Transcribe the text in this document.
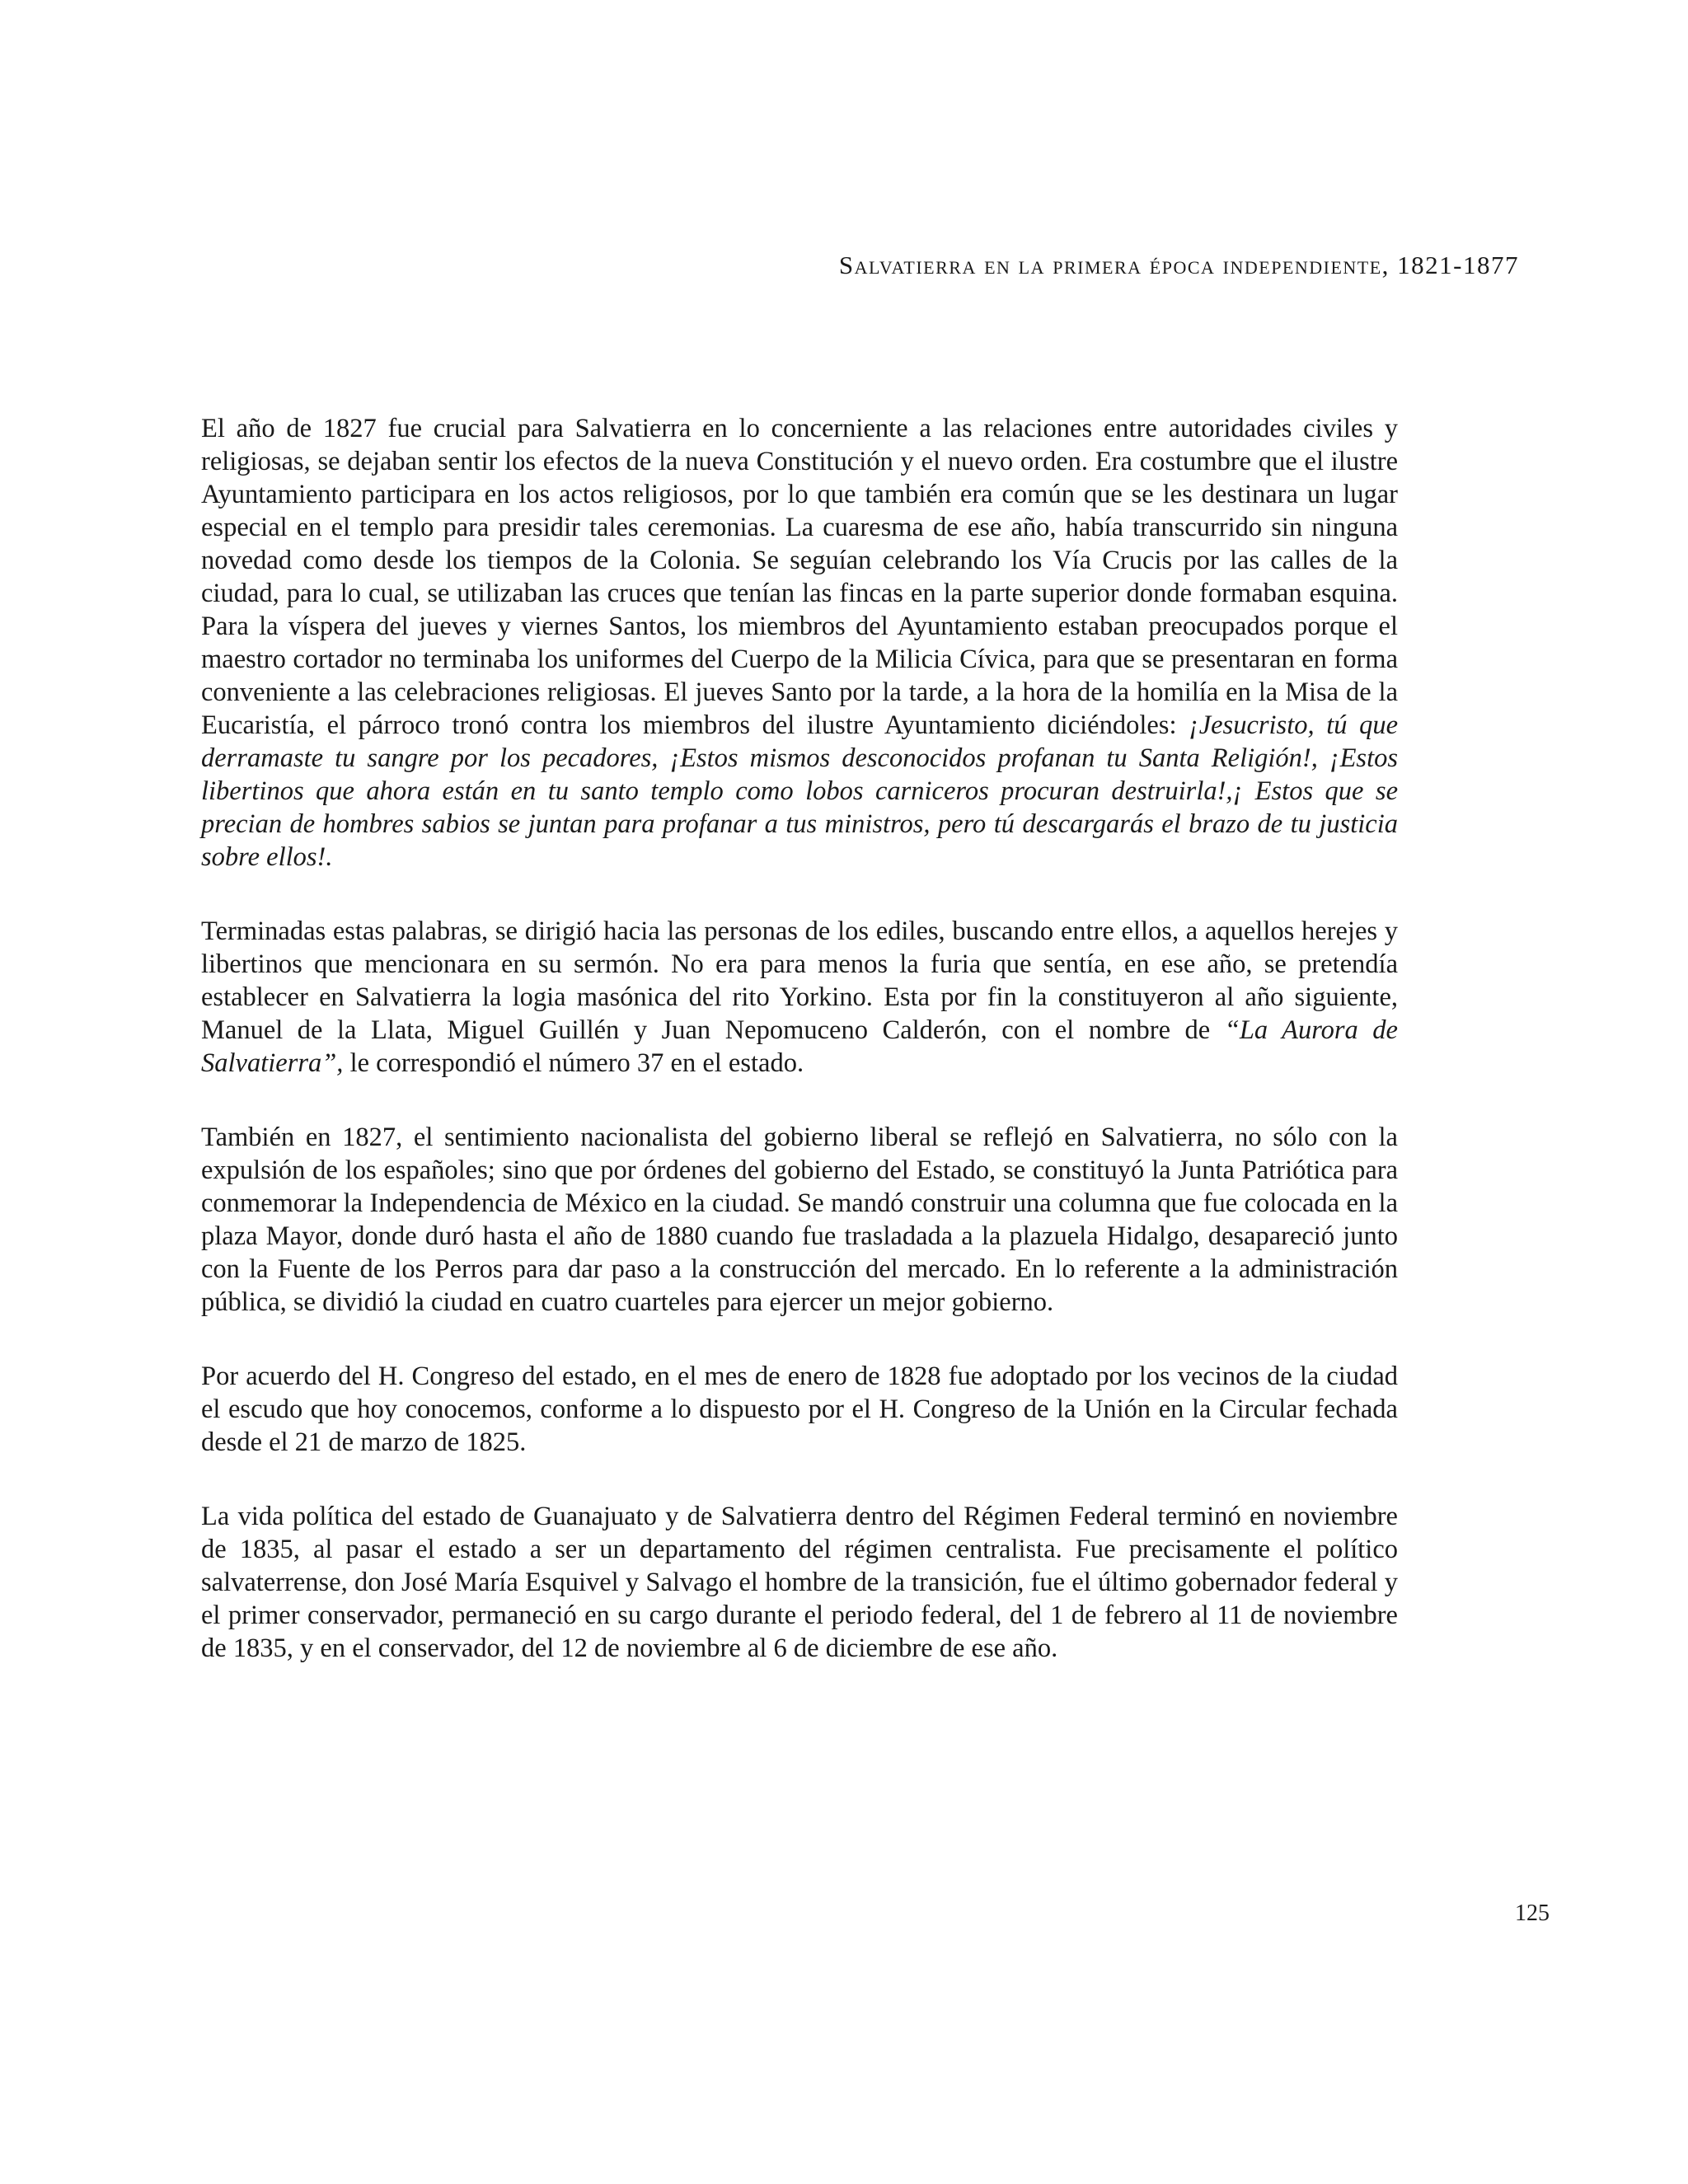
Salvatierra en la primera época independiente, 1821-1877

El año de 1827 fue crucial para Salvatierra en lo concerniente a las relaciones entre autoridades civiles y religiosas, se dejaban sentir los efectos de la nueva Constitución y el nuevo orden. Era costumbre que el ilustre Ayuntamiento participara en los actos religiosos, por lo que también era común que se les destinara un lugar especial en el templo para presidir tales ceremonias. La cuaresma de ese año, había transcurrido sin ninguna novedad como desde los tiempos de la Colonia. Se seguían celebrando los Vía Crucis por las calles de la ciudad, para lo cual, se utilizaban las cruces que tenían las fincas en la parte superior donde formaban esquina. Para la víspera del jueves y viernes Santos, los miembros del Ayuntamiento estaban preocupados porque el maestro cortador no terminaba los uniformes del Cuerpo de la Milicia Cívica, para que se presentaran en forma conveniente a las celebraciones religiosas. El jueves Santo por la tarde, a la hora de la homilía en la Misa de la Eucaristía, el párroco tronó contra los miembros del ilustre Ayuntamiento diciéndoles: ¡Jesucristo, tú que derramaste tu sangre por los pecadores, ¡Estos mismos desconocidos profanan tu Santa Religión!, ¡Estos libertinos que ahora están en tu santo templo como lobos carniceros procuran destruirla!,¡ Estos que se precian de hombres sabios se juntan para profanar a tus ministros, pero tú descargarás el brazo de tu justicia sobre ellos!.

Terminadas estas palabras, se dirigió hacia las personas de los ediles, buscando entre ellos, a aquellos herejes y libertinos que mencionara en su sermón. No era para menos la furia que sentía, en ese año, se pretendía establecer en Salvatierra la logia masónica del rito Yorkino. Esta por fin la constituyeron al año siguiente, Manuel de la Llata, Miguel Guillén y Juan Nepomuceno Calderón, con el nombre de “La Aurora de Salvatierra”, le correspondió el número 37 en el estado.

También en 1827, el sentimiento nacionalista del gobierno liberal se reflejó en Salvatierra, no sólo con la expulsión de los españoles; sino que por órdenes del gobierno del Estado, se constituyó la Junta Patriótica para conmemorar la Independencia de México en la ciudad. Se mandó construir una columna que fue colocada en la plaza Mayor, donde duró hasta el año de 1880 cuando fue trasladada a la plazuela Hidalgo, desapareció junto con la Fuente de los Perros para dar paso a la construcción del mercado. En lo referente a la administración pública, se dividió la ciudad en cuatro cuarteles para ejercer un mejor gobierno.

Por acuerdo del H. Congreso del estado, en el mes de enero de 1828 fue adoptado por los vecinos de la ciudad el escudo que hoy conocemos, conforme a lo dispuesto por el H. Congreso de la Unión en la Circular fechada desde el 21 de marzo de 1825.

La vida política del estado de Guanajuato y de Salvatierra dentro del Régimen Federal terminó en noviembre de 1835, al pasar el estado a ser un departamento del régimen centralista. Fue precisamente el político salvaterrense, don José María Esquivel y Salvago el hombre de la transición, fue el último gobernador federal y el primer conservador, permaneció en su cargo durante el periodo federal, del 1 de febrero al 11 de noviembre de 1835, y en el conservador, del 12 de noviembre al 6 de diciembre de ese año.

125
